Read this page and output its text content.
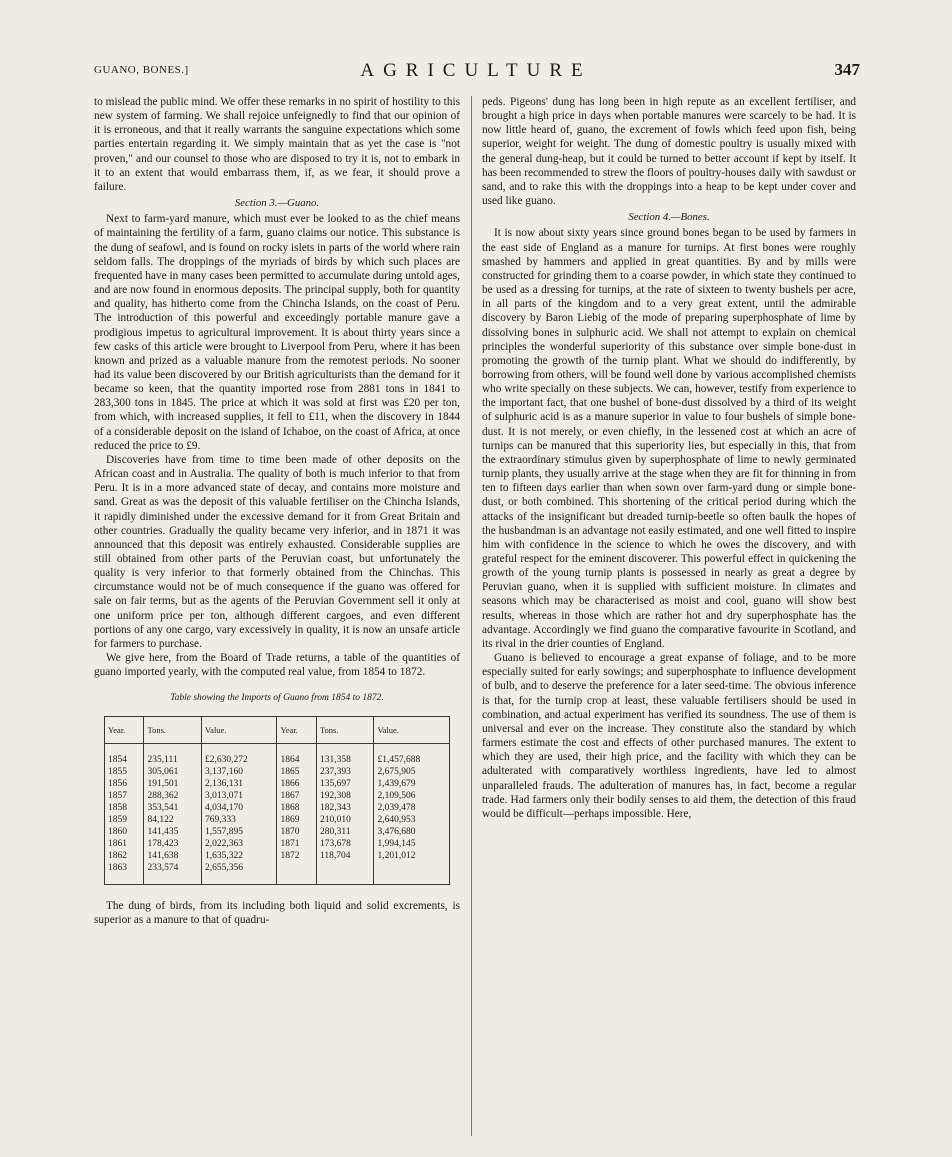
GUANO, BONES.]	AGRICULTURE	347

to mislead the public mind. We offer these remarks in no spirit of hostility to this new system of farming. We shall rejoice unfeignedly to find that our opinion of it is erroneous, and that it really warrants the sanguine expectations which some parties entertain regarding it. We simply maintain that as yet the case is "not proven," and our counsel to those who are disposed to try it is, not to embark in it to an extent that would embarrass them, if, as we fear, it should prove a failure.

Section 3.—Guano.

Next to farm-yard manure, which must ever be looked to as the chief means of maintaining the fertility of a farm, guano claims our notice. This substance is the dung of seafowl, and is found on rocky islets in parts of the world where rain seldom falls. The droppings of the myriads of birds by which such places are frequented have in many cases been permitted to accumulate during untold ages, and are now found in enormous deposits. The principal supply, both for quantity and quality, has hitherto come from the Chincha Islands, on the coast of Peru. The introduction of this powerful and exceedingly portable manure gave a prodigious impetus to agricultural improvement. It is about thirty years since a few casks of this article were brought to Liverpool from Peru, where it has been known and prized as a valuable manure from the remotest periods. No sooner had its value been discovered by our British agriculturists than the demand for it became so keen, that the quantity imported rose from 2881 tons in 1841 to 283,300 tons in 1845. The price at which it was sold at first was £20 per ton, from which, with increased supplies, it fell to £11, when the discovery in 1844 of a considerable deposit on the island of Ichaboe, on the coast of Africa, at once reduced the price to £9.

Discoveries have from time to time been made of other deposits on the African coast and in Australia. The quality of both is much inferior to that from Peru. It is in a more advanced state of decay, and contains more moisture and sand. Great as was the deposit of this valuable fertiliser on the Chincha Islands, it rapidly diminished under the excessive demand for it from Great Britain and other countries. Gradually the quality became very inferior, and in 1871 it was announced that this deposit was entirely exhausted. Considerable supplies are still obtained from other parts of the Peruvian coast, but unfortunately the quality is very inferior to that formerly obtained from the Chinchas. This circumstance would not be of much consequence if the guano was offered for sale on fair terms, but as the agents of the Peruvian Government sell it only at one uniform price per ton, although different cargoes, and even different portions of any one cargo, vary excessively in quality, it is now an unsafe article for farmers to purchase.

We give here, from the Board of Trade returns, a table of the quantities of guano imported yearly, with the computed real value, from 1854 to 1872.

Table showing the Imports of Guano from 1854 to 1872.
Year.	Tons.	Value.	Year.	Tons.	Value.
1854	235,111	£2,630,272	1864	131,358	£1,457,688
1855	305,061	3,137,160	1865	237,393	2,675,905
1856	191,501	2,136,131	1866	135,697	1,439,679
1857	288,362	3,013,071	1867	192,308	2,109,506
1858	353,541	4,034,170	1868	182,343	2,039,478
1859	84,122	769,333	1869	210,010	2,640,953
1860	141,435	1,557,895	1870	280,311	3,476,680
1861	178,423	2,022,363	1871	173,678	1,994,145
1862	141,638	1,635,322	1872	118,704	1,201,012
1863	233,574	2,655,356			

The dung of birds, from its including both liquid and solid excrements, is superior as a manure to that of quadru-

peds. Pigeons' dung has long been in high repute as an excellent fertiliser, and brought a high price in days when portable manures were scarcely to be had. It is now little heard of, guano, the excrement of fowls which feed upon fish, being superior, weight for weight. The dung of domestic poultry is usually mixed with the general dung-heap, but it could be turned to better account if kept by itself. It has been recommended to strew the floors of poultry-houses daily with sawdust or sand, and to rake this with the droppings into a heap to be kept under cover and used like guano.

Section 4.—Bones.

It is now about sixty years since ground bones began to be used by farmers in the east side of England as a manure for turnips. At first bones were roughly smashed by hammers and applied in great quantities. By and by mills were constructed for grinding them to a coarse powder, in which state they continued to be used as a dressing for turnips, at the rate of sixteen to twenty bushels per acre, in all parts of the kingdom and to a very great extent, until the admirable discovery by Baron Liebig of the mode of preparing superphosphate of lime by dissolving bones in sulphuric acid. We shall not attempt to explain on chemical principles the wonderful superiority of this substance over simple bone-dust in promoting the growth of the turnip plant. What we should do indifferently, by borrowing from others, will be found well done by various accomplished chemists who write specially on these subjects. We can, however, testify from experience to the important fact, that one bushel of bone-dust dissolved by a third of its weight of sulphuric acid is as a manure superior in value to four bushels of simple bone-dust. It is not merely, or even chiefly, in the lessened cost at which an acre of turnips can be manured that this superiority lies, but especially in this, that from the extraordinary stimulus given by superphosphate of lime to newly germinated turnip plants, they usually arrive at the stage when they are fit for thinning in from ten to fifteen days earlier than when sown over farm-yard dung or simple bone-dust, or both combined. This shortening of the critical period during which the attacks of the insignificant but dreaded turnip-beetle so often baulk the hopes of the husbandman is an advantage not easily estimated, and one well fitted to inspire him with confidence in the science to which he owes the discovery, and with grateful respect for the eminent discoverer. This powerful effect in quickening the growth of the young turnip plants is possessed in nearly as great a degree by Peruvian guano, when it is supplied with sufficient moisture. In climates and seasons which may be characterised as moist and cool, guano will show best results, whereas in those which are rather hot and dry superphosphate has the advantage. Accordingly we find guano the comparative favourite in Scotland, and its rival in the drier counties of England.

Guano is believed to encourage a great expanse of foliage, and to be more especially suited for early sowings; and superphosphate to influence development of bulb, and to deserve the preference for a later seed-time. The obvious inference is that, for the turnip crop at least, these valuable fertilisers should be used in combination, and actual experiment has verified its soundness. The use of them is universal and ever on the increase. They constitute also the standard by which farmers estimate the cost and effects of other purchased manures. The extent to which they are used, their high price, and the facility with which they can be adulterated with comparatively worthless ingredients, have led to almost unparalleled frauds. The adulteration of manures has, in fact, become a regular trade. Had farmers only their bodily senses to aid them, the detection of this fraud would be difficult—perhaps impossible. Here,
